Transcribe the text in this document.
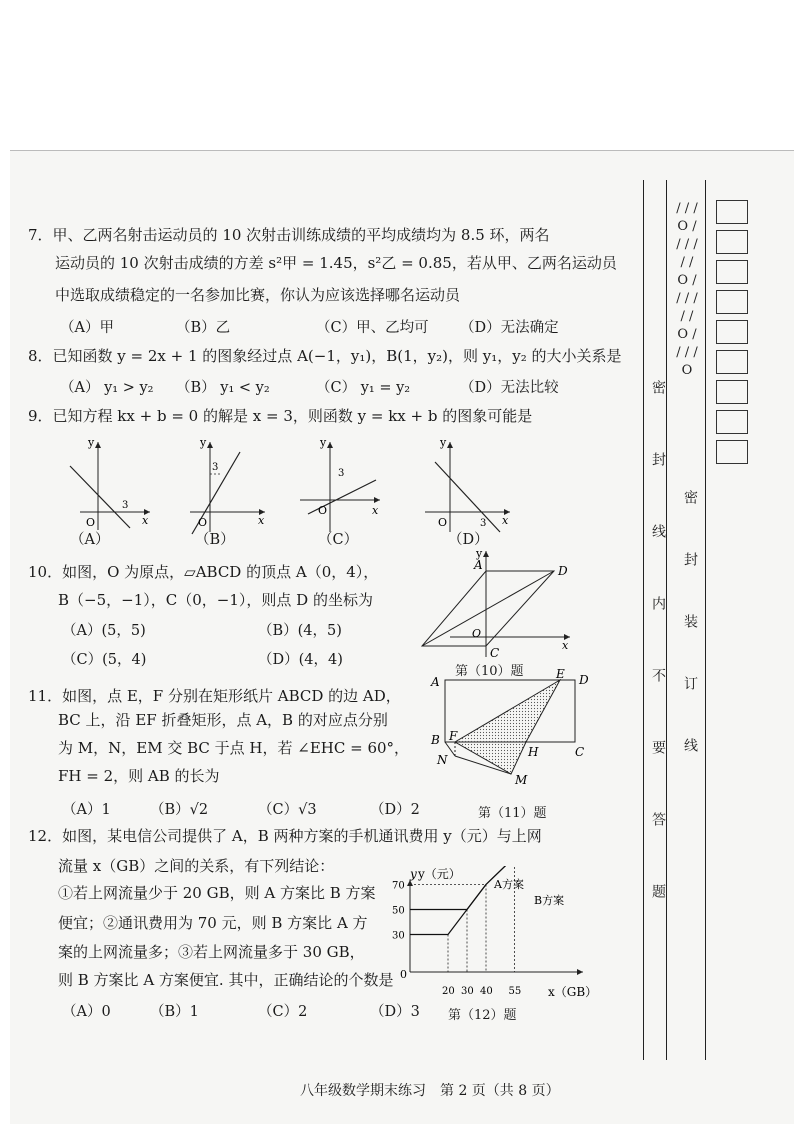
7．甲、乙两名射击运动员的 10 次射击训练成绩的平均成绩均为 8.5 环，两名
运动员的 10 次射击成绩的方差 s²甲 = 1.45，s²乙 = 0.85，若从甲、乙两名运动员
中选取成绩稳定的一名参加比赛，你认为应该选择哪名运动员
（A）甲	（B）乙	（C）甲、乙均可 （D）无法确定
8．已知函数 y = 2x + 1 的图象经过点 A(−1，y₁)，B(1，y₂)，则 y₁，y₂ 的大小关系是
（A） y₁ > y₂ （B） y₁ < y₂	（C） y₁ = y₂	（D）无法比较
9．已知方程 kx + b = 0 的解是 x = 3，则函数 y = kx + b 的图象可能是
y
x
O
3
y
x
O
3
y
x
O
3
y
x
O	3
（A）	（B）	（C）	（D）
10．如图，O 为原点，▱ABCD 的顶点 A（0，4），
B（−5，−1），C（0，−1），则点 D 的坐标为
（A）(5，5)	（B）(4，5)
（C）(5，4)	（D）(4，4)
y
A	D
O
C
x
第（10）题
11．如图，点 E，F 分别在矩形纸片 ABCD 的边 AD，
BC 上，沿 EF 折叠矩形，点 A，B 的对应点分别
为 M，N，EM 交 BC 于点 H，若 ∠EHC = 60°，
FH = 2，则 AB 的长为
（A）1	（B）√2	（C）√3	（D）2
A
E D
B F
H	C
N
M
第（11）题
12．如图，某电信公司提供了 A，B 两种方案的手机通讯费用 y（元）与上网
流量 x（GB）之间的关系，有下列结论：
①若上网流量少于 20 GB，则 A 方案比 B 方案
便宜；②通讯费用为 70 元，则 B 方案比 A 方
案的上网流量多；③若上网流量多于 30 GB，
则 B 方案比 A 方案便宜. 其中，正确结论的个数是
（A）0	（B）1	（C）2	（D）3
30
50
70
20 30 40 55
A方案
B方案
y（元）
x（GB）
y
0
第（12）题
八年级数学期末练习　第 2 页（共 8 页）
/ / / O / / / / / / O / / / / / / O / / / / O
密
封
线
内
不
要
答
题
密
封
装
订
线
